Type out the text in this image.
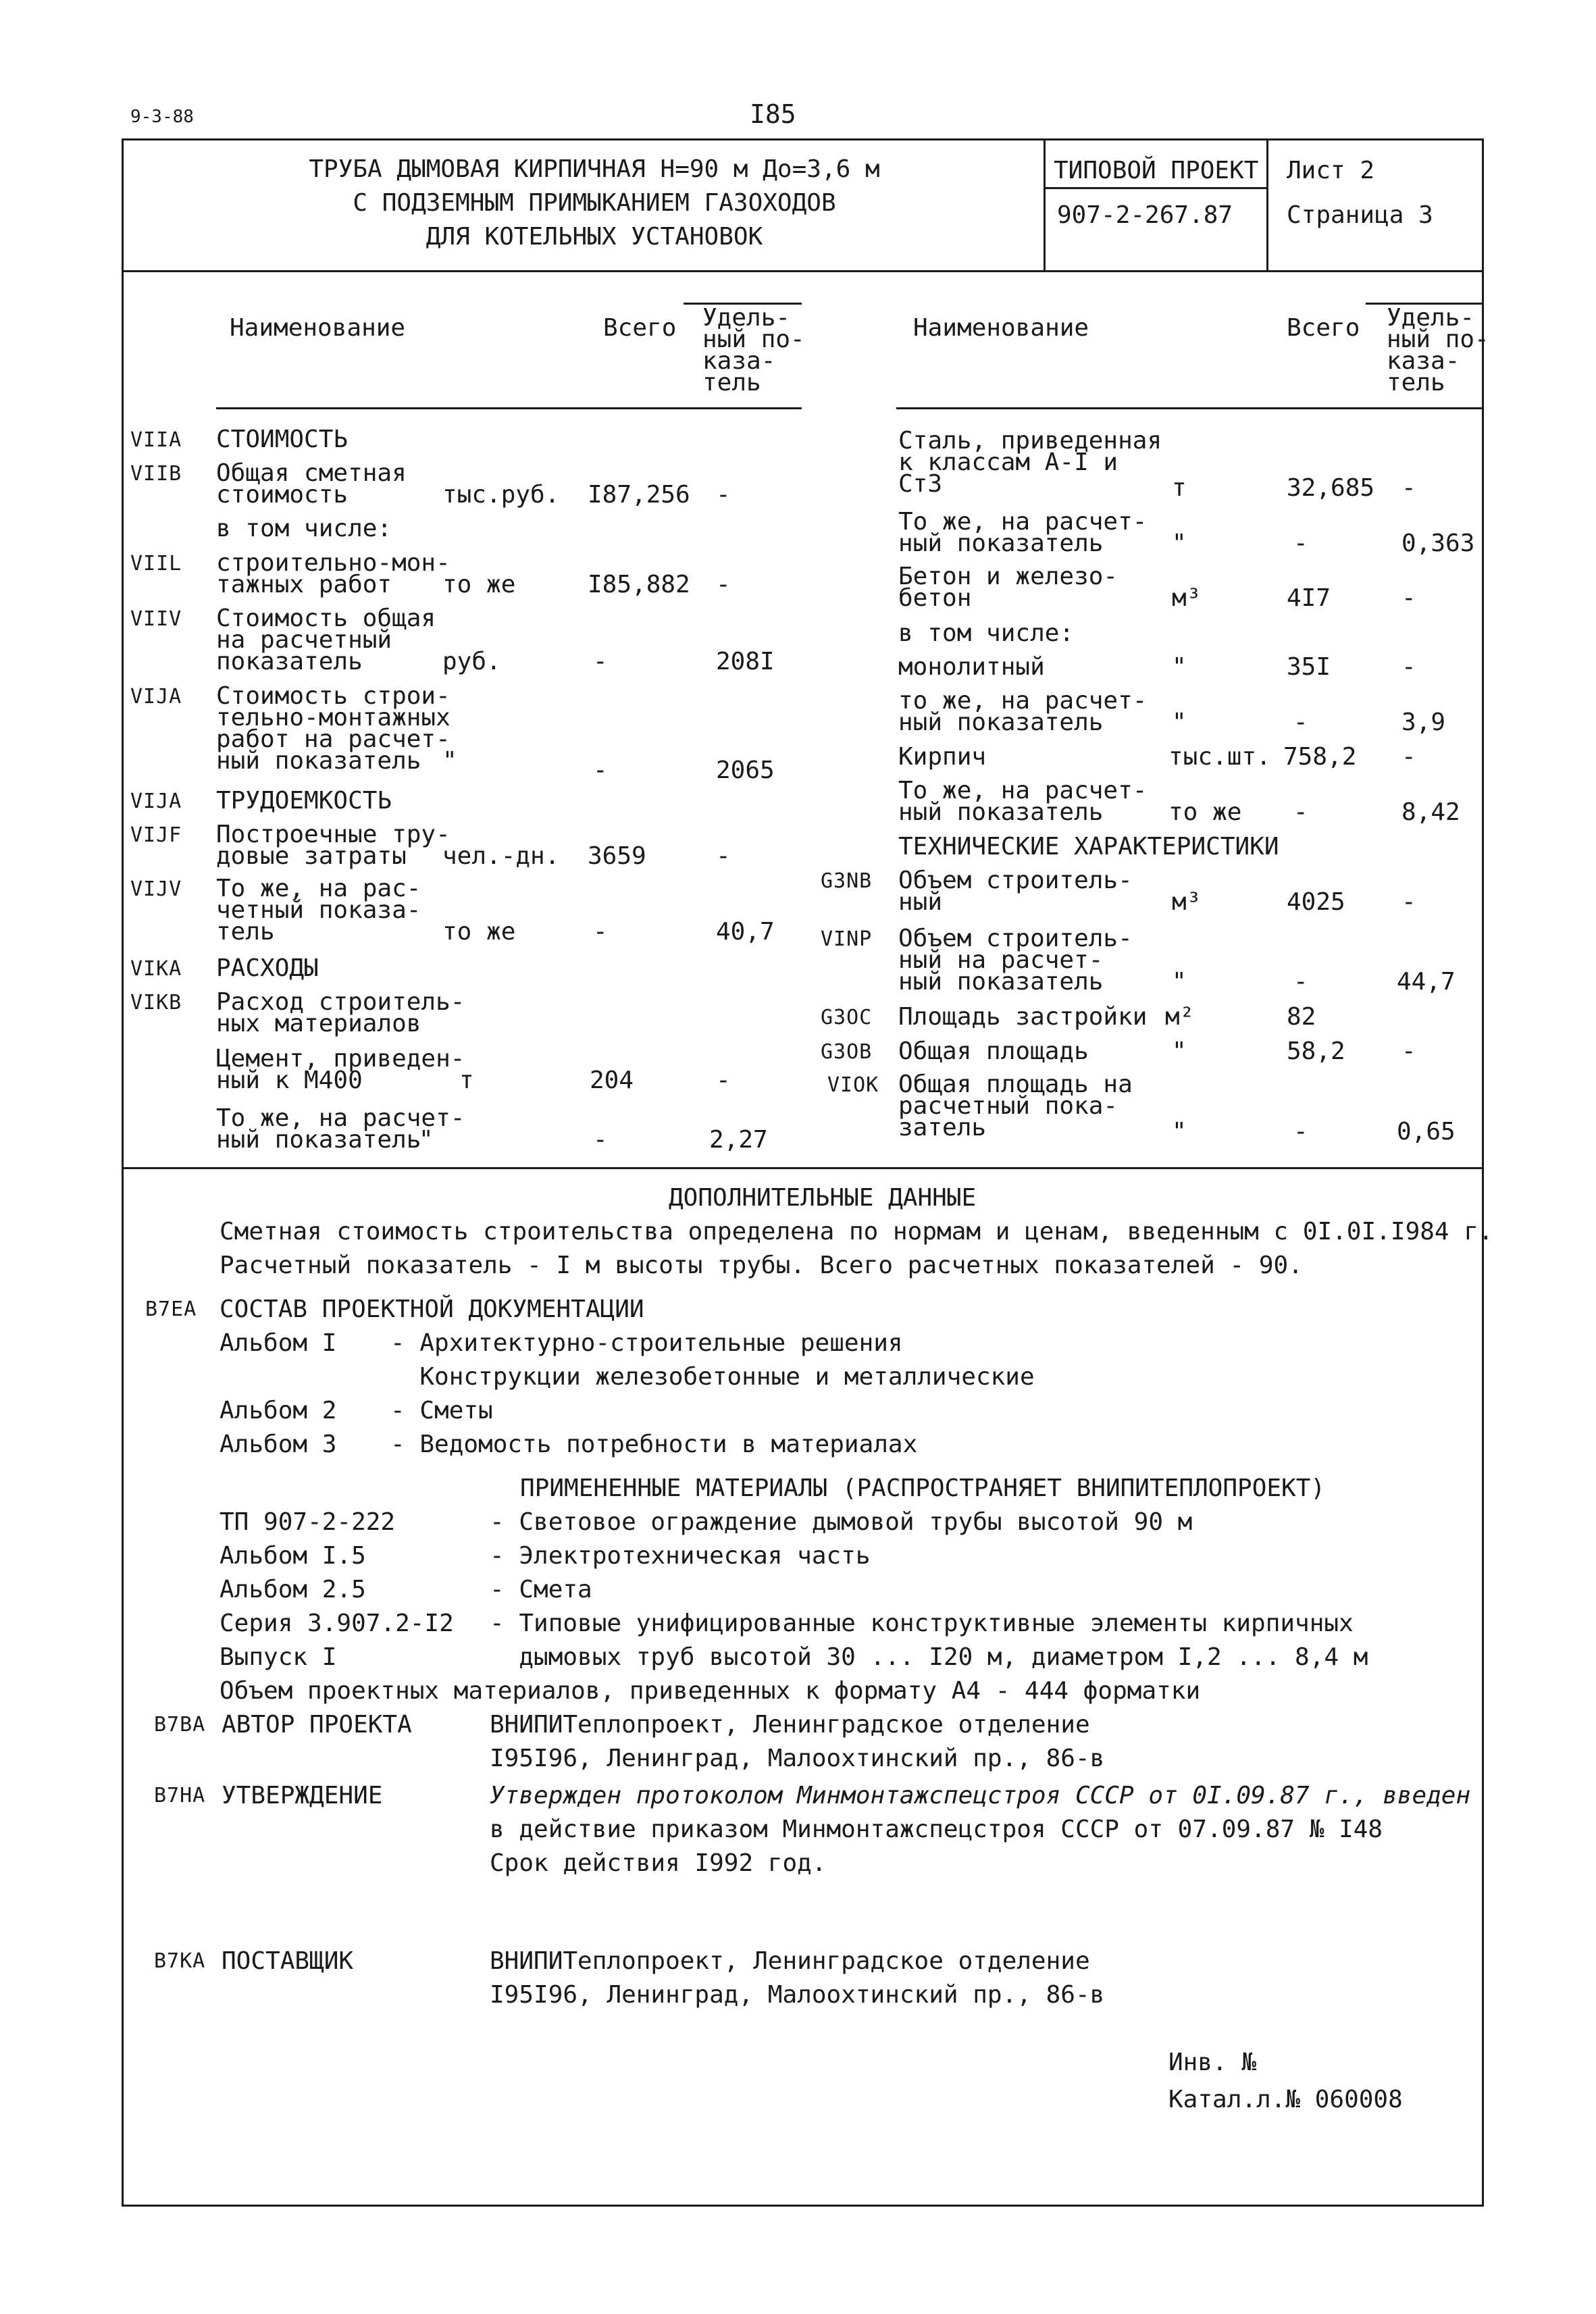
9-3-88	I85
ТРУБА ДЫМОВАЯ КИРПИЧНАЯ Н=90 м До=3,6 м
С ПОДЗЕМНЫМ ПРИМЫКАНИЕМ ГАЗОХОДОВ
ДЛЯ КОТЕЛЬНЫХ УСТАНОВОК
ТИПОВОЙ ПРОЕКТ
907-2-267.87
Лист 2
Страница 3
Наименование	Всего Удель-
ный по-
каза-
тель
Наименование	Всего Удель-
ный по-
каза-
тель
VIIA СТОИМОСТЬ
VIIB Общая сметная
стоимость	тыс.руб. I87,256 -
в том числе:
VIIL строительно-мон-
тажных работ то же	I85,882 -
VIIV Стоимость общая
на расчетный
показатель	руб.	-	208I
VIJA Стоимость строи-
тельно-монтажных
работ на расчет-
ный показатель "	-	2065
VIJA ТРУДОЕМКОСТЬ
VIJF Построечные тру-
довые затраты чел.-дн. 3659	-
VIJV То же, на рас-
четный показа-
тель	то же	-	40,7
VIKA РАСХОДЫ
VIKB Расход строитель-
ных материалов
Цемент, приведен-
ный к М400	т	204	-
То же, на расчет-
ный показатель
"	-	2,27
Сталь, приведенная
к классам А-I и
Ст3	т	32,685 -
То же, на расчет-
ный показатель	"	-	0,363
Бетон и железо-
бетон	м³	4I7	-
в том числе:
монолитный	"	35I	-
то же, на расчет-
ный показатель	"	-	3,9
Кирпич	тыс.шт. 758,2 -
То же, на расчет-
ный показатель	то же -	8,42
ТЕХНИЧЕСКИЕ ХАРАКТЕРИСТИКИ
G3NB Объем строитель-
ный	м³	4025 -
VINP Объем строитель-
ный на расчет-
ный показатель	"	-	44,7
G3OC Площадь застройки м²	82
G3OB Общая площадь	"	58,2 -
VIOK Общая площадь на
расчетный пока-
затель	"	-	0,65
ДОПОЛНИТЕЛЬНЫЕ ДАННЫЕ
Сметная стоимость строительства определена по нормам и ценам, введенным с 0I.0I.I984 г.
Расчетный показатель - I м высоты трубы. Всего расчетных показателей - 90.
В7ЕА СОСТАВ ПРОЕКТНОЙ ДОКУМЕНТАЦИИ
Альбом I - Архитектурно-строительные решения
Конструкции железобетонные и металлические
Альбом 2 - Сметы
Альбом 3 - Ведомость потребности в материалах
ПРИМЕНЕННЫЕ МАТЕРИАЛЫ (РАСПРОСТРАНЯЕТ ВНИПИТЕПЛОПРОЕКТ)
ТП 907-2-222	- Световое ограждение дымовой трубы высотой 90 м
Альбом I.5	- Электротехническая часть
Альбом 2.5	- Смета
Серия 3.907.2-I2 - Типовые унифицированные конструктивные элементы кирпичных
Выпуск I	дымовых труб высотой 30 ... I20 м, диаметром I,2 ... 8,4 м
Объем проектных материалов, приведенных к формату А4 - 444 форматки
В7ВА АВТОР ПРОЕКТА	ВНИПИТеплопроект, Ленинградское отделение
I95I96, Ленинград, Малоохтинский пр., 86-в
В7НА УТВЕРЖДЕНИЕ	Утвержден протоколом Минмонтажспецстроя СССР от 0I.09.87 г., введен
в действие приказом Минмонтажспецстроя СССР от 07.09.87 № I48
Срок действия I992 год.
В7КА ПОСТАВЩИК	ВНИПИТеплопроект, Ленинградское отделение
I95I96, Ленинград, Малоохтинский пр., 86-в
Инв. №
Катал.л.№ 060008
